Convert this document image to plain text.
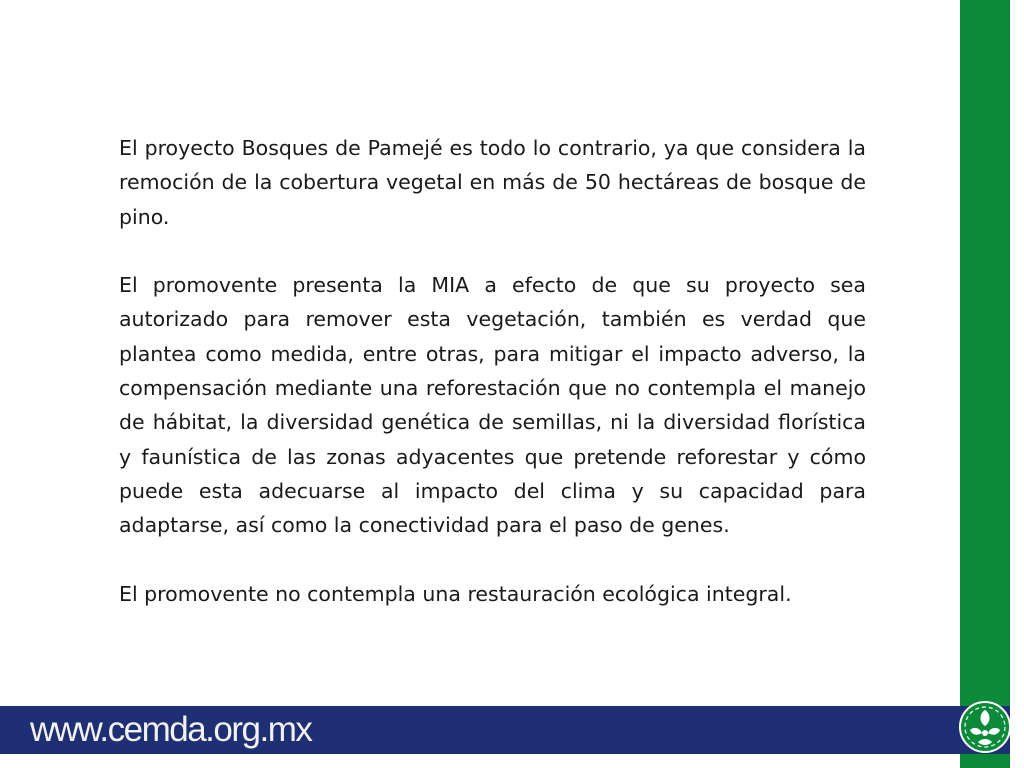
El proyecto Bosques de Pamejé es todo lo contrario, ya que considera la remoción de la cobertura vegetal en más de 50 hectáreas de bosque de pino.

El promovente presenta la MIA a efecto de que su proyecto sea autorizado para remover esta vegetación, también es verdad que plantea como medida, entre otras, para mitigar el impacto adverso, la compensación mediante una reforestación que no contempla el manejo de hábitat, la diversidad genética de semillas, ni la diversidad florística y faunística de las zonas adyacentes que pretende reforestar y cómo puede esta adecuarse al impacto del clima y su capacidad para adaptarse, así como la conectividad para el paso de genes.

El promovente no contempla una restauración ecológica integral.

www.cemda.org.mx
